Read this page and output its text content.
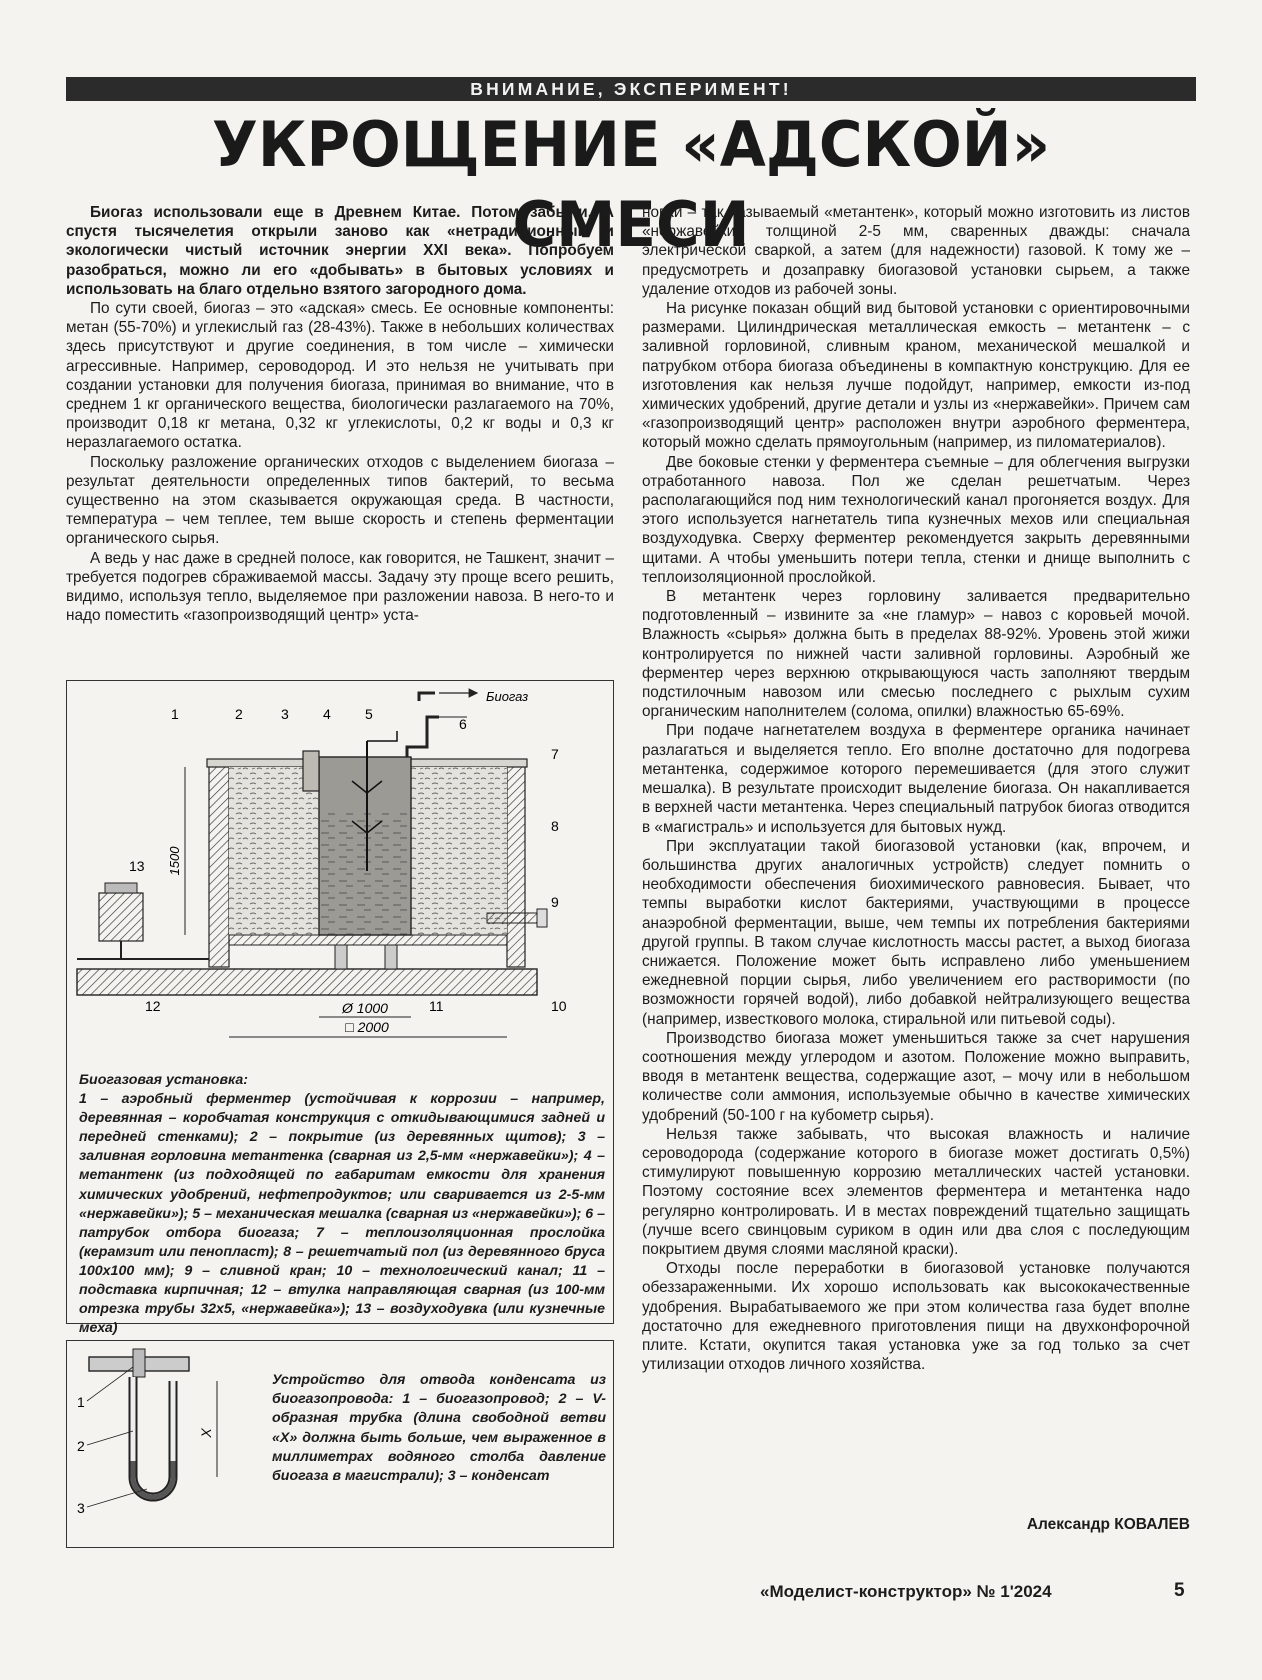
ВНИМАНИЕ, ЭКСПЕРИМЕНТ!
УКРОЩЕНИЕ «АДСКОЙ» СМЕСИ

Биогаз использовали еще в Древнем Китае. Потом забыли. А спустя тысячелетия открыли заново как «нетрадиционный и экологически чистый источник энергии XXI века». Попробуем разобраться, можно ли его «добывать» в бытовых условиях и использовать на благо отдельно взятого загородного дома.

По сути своей, биогаз – это «адская» смесь. Ее основные компоненты: метан (55-70%) и углекислый газ (28-43%). Также в небольших количествах здесь присутствуют и другие соединения, в том числе – химически агрессивные. Например, сероводород. И это нельзя не учитывать при создании установки для получения биогаза, принимая во внимание, что в среднем 1 кг органического вещества, биологически разлагаемого на 70%, производит 0,18 кг метана, 0,32 кг углекислоты, 0,2 кг воды и 0,3 кг неразлагаемого остатка.

Поскольку разложение органических отходов с выделением биогаза – результат деятельности определенных типов бактерий, то весьма существенно на этом сказывается окружающая среда. В частности, температура – чем теплее, тем выше скорость и степень ферментации органического сырья.

А ведь у нас даже в средней полосе, как говорится, не Ташкент, значит – требуется подогрев сбраживаемой массы. Задачу эту проще всего решить, видимо, используя тепло, выделяемое при разложении навоза. В него-то и надо поместить «газопроизводящий центр» уста-

1500
Ø 1000
□ 2000
Биогаз
1	2	3 4 5
6
7
8
9
10
11
12
13
Биогазовая установка:
1 – аэробный ферментер (устойчивая к коррозии – например, деревянная – коробчатая конструкция с откидывающимися задней и передней стенками); 2 – покрытие (из деревянных щитов); 3 – заливная горловина метантенка (сварная из 2,5-мм «нержавейки»); 4 – метантенк (из подходящей по габаритам емкости для хранения химических удобрений, нефтепродуктов; или сваривается из 2-5-мм «нержавейки»); 5 – механическая мешалка (сварная из «нержавейки»); 6 – патрубок отбора биогаза; 7 – теплоизоляционная прослойка (керамзит или пенопласт); 8 – решетчатый пол (из деревянного бруса 100х100 мм); 9 – сливной кран; 10 – технологический канал; 11 – подставка кирпичная; 12 – втулка направляющая сварная (из 100-мм отрезка трубы 32х5, «нержавейка»); 13 – воздуходувка (или кузнечные меха)
X
1
2
3
Устройство для отвода конденсата из биогазопровода: 1 – биогазопровод; 2 – V-образная трубка (длина свободной ветви «X» должна быть больше, чем выраженное в миллиметрах водяного столба давление биогаза в магистрали); 3 – конденсат

новки – так называемый «метантенк», который можно изготовить из листов «нержавейки» толщиной 2-5 мм, сваренных дважды: сначала электрической сваркой, а затем (для надежности) газовой. К тому же – предусмотреть и дозаправку биогазовой установки сырьем, а также удаление отходов из рабочей зоны.

На рисунке показан общий вид бытовой установки с ориентировочными размерами. Цилиндрическая металлическая емкость – метантенк – с заливной горловиной, сливным краном, механической мешалкой и патрубком отбора биогаза объединены в компактную конструкцию. Для ее изготовления как нельзя лучше подойдут, например, емкости из-под химических удобрений, другие детали и узлы из «нержавейки». Причем сам «газопроизводящий центр» расположен внутри аэробного ферментера, который можно сделать прямоугольным (например, из пиломатериалов).

Две боковые стенки у ферментера съемные – для облегчения выгрузки отработанного навоза. Пол же сделан решетчатым. Через располагающийся под ним технологический канал прогоняется воздух. Для этого используется нагнетатель типа кузнечных мехов или специальная воздуходувка. Сверху ферментер рекомендуется закрыть деревянными щитами. А чтобы уменьшить потери тепла, стенки и днище выполнить с теплоизоляционной прослойкой.

В метантенк через горловину заливается предварительно подготовленный – извините за «не гламур» – навоз с коровьей мочой. Влажность «сырья» должна быть в пределах 88-92%. Уровень этой жижи контролируется по нижней части заливной горловины. Аэробный же ферментер через верхнюю открывающуюся часть заполняют твердым подстилочным навозом или смесью последнего с рыхлым сухим органическим наполнителем (солома, опилки) влажностью 65-69%.

При подаче нагнетателем воздуха в ферментере органика начинает разлагаться и выделяется тепло. Его вполне достаточно для подогрева метантенка, содержимое которого перемешивается (для этого служит мешалка). В результате происходит выделение биогаза. Он накапливается в верхней части метантенка. Через специальный патрубок биогаз отводится в «магистраль» и используется для бытовых нужд.

При эксплуатации такой биогазовой установки (как, впрочем, и большинства других аналогичных устройств) следует помнить о необходимости обеспечения биохимического равновесия. Бывает, что темпы выработки кислот бактериями, участвующими в процессе анаэробной ферментации, выше, чем темпы их потребления бактериями другой группы. В таком случае кислотность массы растет, а выход биогаза снижается. Положение может быть исправлено либо уменьшением ежедневной порции сырья, либо увеличением его растворимости (по возможности горячей водой), либо добавкой нейтрализующего вещества (например, известкового молока, стиральной или питьевой соды).

Производство биогаза может уменьшиться также за счет нарушения соотношения между углеродом и азотом. Положение можно выправить, вводя в метантенк вещества, содержащие азот, – мочу или в небольшом количестве соли аммония, используемые обычно в качестве химических удобрений (50-100 г на кубометр сырья).

Нельзя также забывать, что высокая влажность и наличие сероводорода (содержание которого в биогазе может достигать 0,5%) стимулируют повышенную коррозию металлических частей установки. Поэтому состояние всех элементов ферментера и метантенка надо регулярно контролировать. И в местах повреждений тщательно защищать (лучше всего свинцовым суриком в один или два слоя с последующим покрытием двумя слоями масляной краски).

Отходы после переработки в биогазовой установке получаются обеззараженными. Их хорошо использовать как высококачественные удобрения. Вырабатываемого же при этом количества газа будет вполне достаточно для ежедневного приготовления пищи на двухконфорочной плите. Кстати, окупится такая установка уже за год только за счет утилизации отходов личного хозяйства.

Александр КОВАЛЕВ
«Моделист-конструктор» № 1'2024	5
